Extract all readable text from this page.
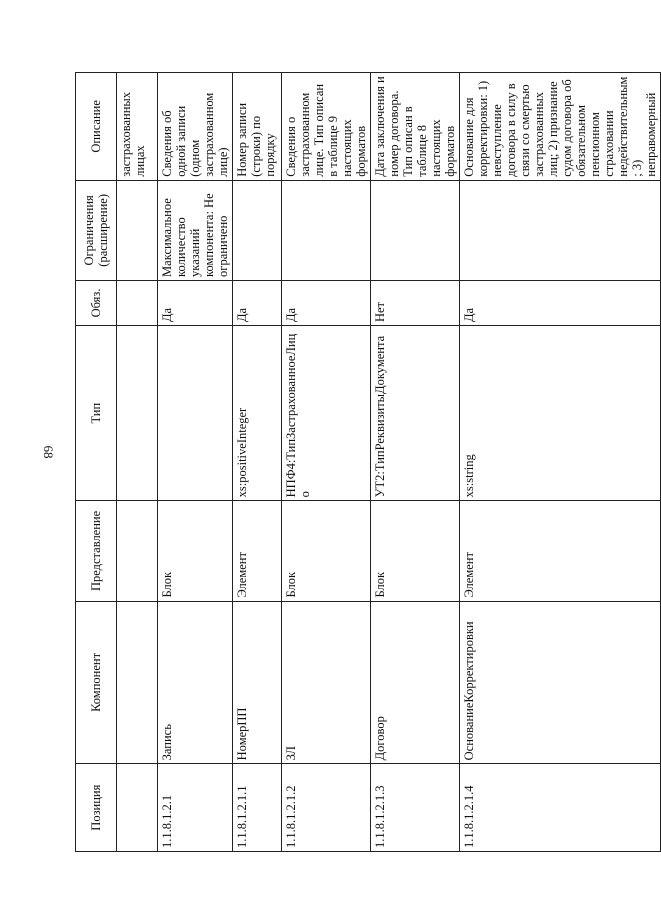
68
Позиция	Компонент	Представление	Тип	Обяз.	Ограничения (расширение)	Описание
						застрахованных лицах
1.1.8.1.2.1	Запись	Блок		Да	Максимальное количество указаний компонента: Не ограничено	Сведения об одной записи (одном застрахованном лице)
1.1.8.1.2.1.1	НомерПП	Элемент	xs:positiveInteger	Да		Номер записи (строки) по порядку
1.1.8.1.2.1.2	ЗЛ	Блок	НПФ4:ТипЗастрахованноеЛицо	Да		Сведения о застрахованном лице. Тип описан в таблице 9 настоящих форматов
1.1.8.1.2.1.3	Договор	Блок	УТ2:ТипРеквизитыДокумента	Нет		Дата заключения и номер договора. Тип описан в таблице 8 настоящих форматов
1.1.8.1.2.1.4	ОснованиеКорректировки	Элемент	xs:string	Да		Основание для корректировки: 1) невступление договора в силу в связи со смертью застрахованных лиц; 2) признание судом договора об обязательном пенсионном страховании недействительным; 3) неправомерный
